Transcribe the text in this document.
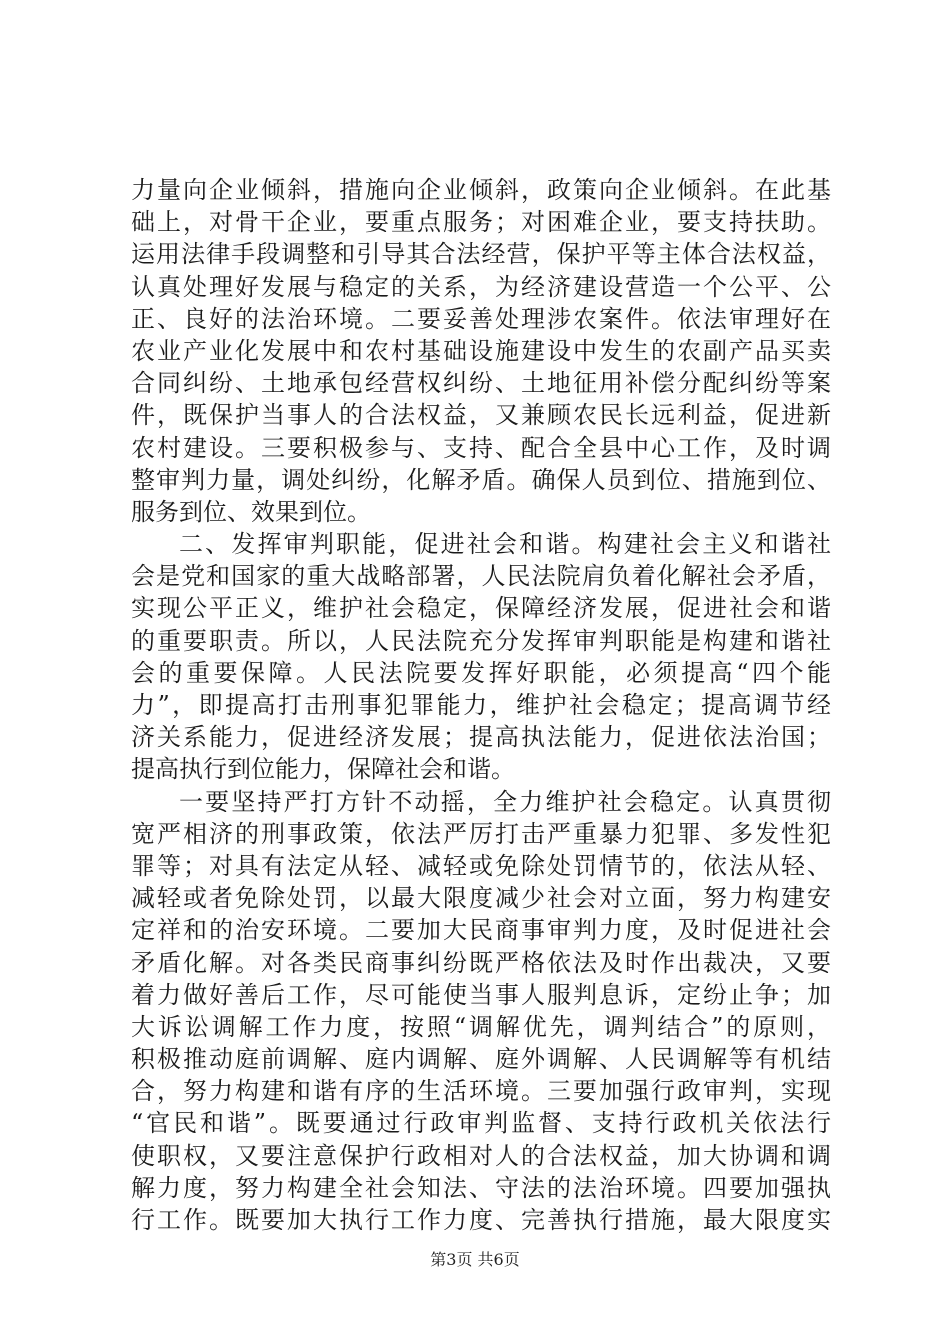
力量向企业倾斜，措施向企业倾斜，政策向企业倾斜。在此基
础上，对骨干企业，要重点服务；对困难企业，要支持扶助。
运用法律手段调整和引导其合法经营，保护平等主体合法权益，
认真处理好发展与稳定的关系，为经济建设营造一个公平、公
正、良好的法治环境。二要妥善处理涉农案件。依法审理好在
农业产业化发展中和农村基础设施建设中发生的农副产品买卖
合同纠纷、土地承包经营权纠纷、土地征用补偿分配纠纷等案
件，既保护当事人的合法权益，又兼顾农民长远利益，促进新
农村建设。三要积极参与、支持、配合全县中心工作，及时调
整审判力量，调处纠纷，化解矛盾。确保人员到位、措施到位、
服务到位、效果到位。
二、发挥审判职能，促进社会和谐。构建社会主义和谐社
会是党和国家的重大战略部署，人民法院肩负着化解社会矛盾，
实现公平正义，维护社会稳定，保障经济发展，促进社会和谐
的重要职责。所以，人民法院充分发挥审判职能是构建和谐社
会的重要保障。人民法院要发挥好职能，必须提高“四个能
力”，即提高打击刑事犯罪能力，维护社会稳定；提高调节经
济关系能力，促进经济发展；提高执法能力，促进依法治国；
提高执行到位能力，保障社会和谐。
一要坚持严打方针不动摇，全力维护社会稳定。认真贯彻
宽严相济的刑事政策，依法严厉打击严重暴力犯罪、多发性犯
罪等；对具有法定从轻、减轻或免除处罚情节的，依法从轻、
减轻或者免除处罚，以最大限度减少社会对立面，努力构建安
定祥和的治安环境。二要加大民商事审判力度，及时促进社会
矛盾化解。对各类民商事纠纷既严格依法及时作出裁决，又要
着力做好善后工作，尽可能使当事人服判息诉，定纷止争；加
大诉讼调解工作力度，按照“调解优先，调判结合”的原则，
积极推动庭前调解、庭内调解、庭外调解、人民调解等有机结
合，努力构建和谐有序的生活环境。三要加强行政审判，实现
“官民和谐”。既要通过行政审判监督、支持行政机关依法行
使职权，又要注意保护行政相对人的合法权益，加大协调和调
解力度，努力构建全社会知法、守法的法治环境。四要加强执
行工作。既要加大执行工作力度、完善执行措施，最大限度实
第3页 共6页
